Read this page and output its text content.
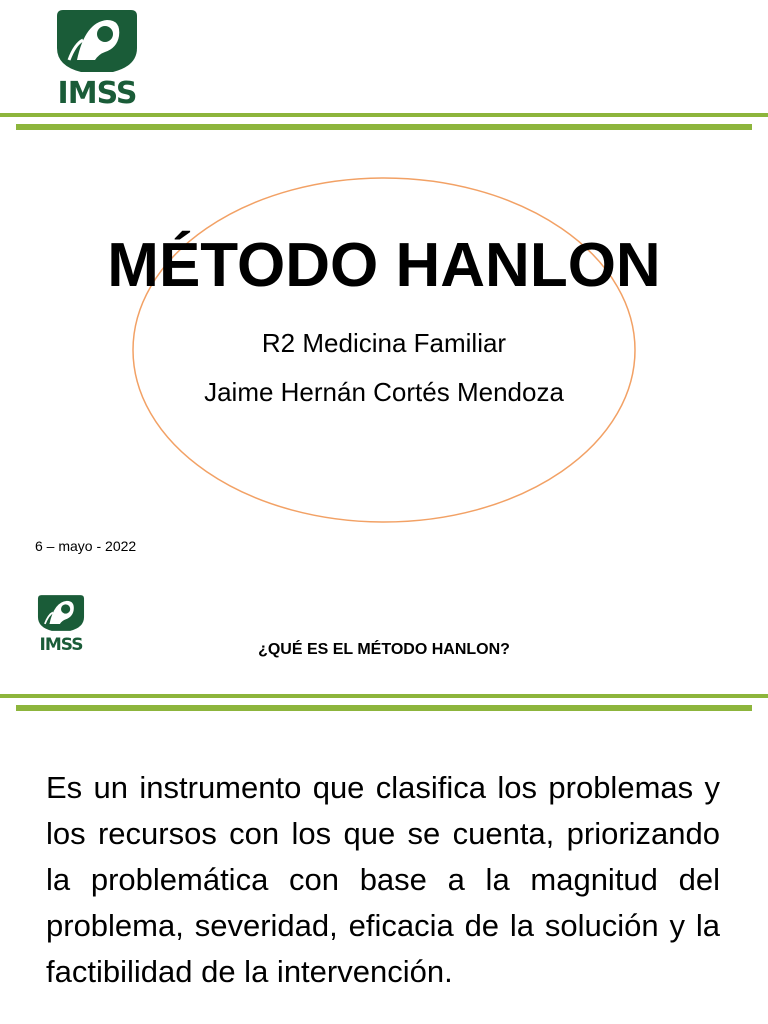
IMSS
MÉTODO HANLON
R2 Medicina Familiar
Jaime Hernán Cortés Mendoza
6 – mayo - 2022
IMSS	¿QUÉ ES EL MÉTODO HANLON?
Es un instrumento que clasifica los problemas y los recursos con los que se cuenta, priorizando la problemática con base a la magnitud del problema, severidad, eficacia de la solución y la factibilidad de la intervención.
